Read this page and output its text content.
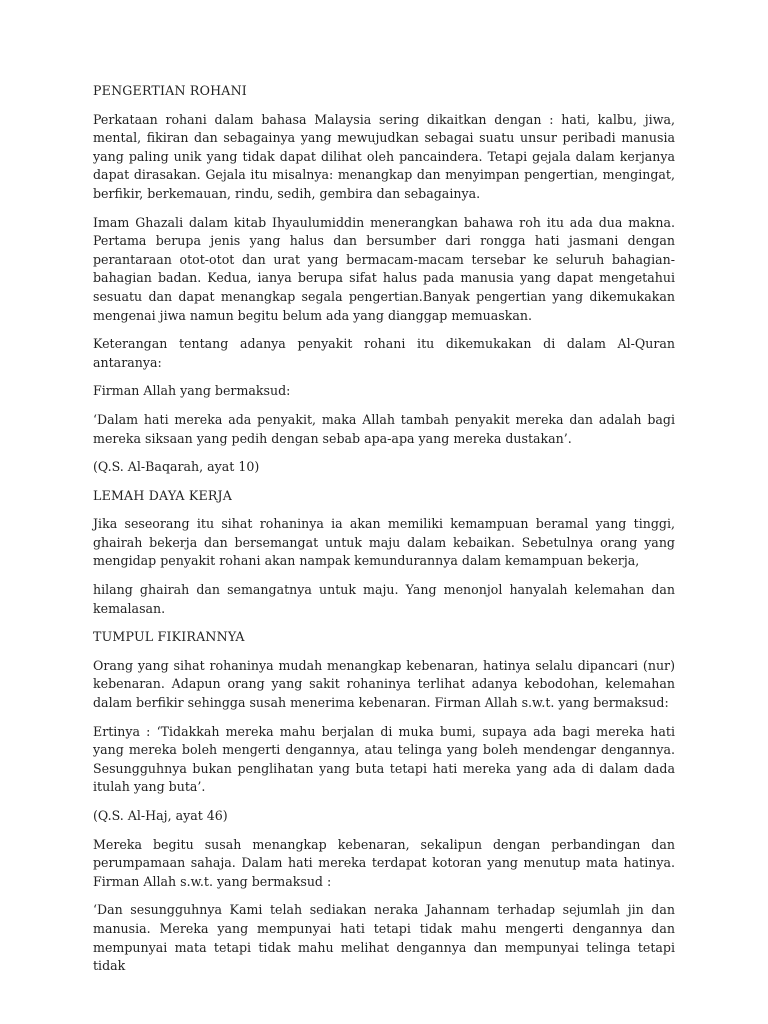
PENGERTIAN ROHANI

Perkataan rohani dalam bahasa Malaysia sering dikaitkan dengan : hati, kalbu, jiwa, mental, fikiran dan sebagainya yang mewujudkan sebagai suatu unsur peribadi manusia yang paling unik yang tidak dapat dilihat oleh pancaindera. Tetapi gejala dalam kerjanya dapat dirasakan. Gejala itu misalnya: menangkap dan menyimpan pengertian, mengingat, berfikir, berkemauan, rindu, sedih, gembira dan sebagainya.

Imam Ghazali dalam kitab Ihyaulumiddin menerangkan bahawa roh itu ada dua makna. Pertama berupa jenis yang halus dan bersumber dari rongga hati jasmani dengan perantaraan otot-otot dan urat yang bermacam-macam tersebar ke seluruh bahagian-bahagian badan. Kedua, ianya berupa sifat halus pada manusia yang dapat mengetahui sesuatu dan dapat menangkap segala pengertian.Banyak pengertian yang dikemukakan mengenai jiwa namun begitu belum ada yang dianggap memuaskan.

Keterangan tentang adanya penyakit rohani itu dikemukakan di dalam Al-Quran antaranya:

Firman Allah yang bermaksud:

‘Dalam hati mereka ada penyakit, maka Allah tambah penyakit mereka dan adalah bagi mereka siksaan yang pedih dengan sebab apa-apa yang mereka dustakan’.

(Q.S. Al-Baqarah, ayat 10)

LEMAH DAYA KERJA

Jika seseorang itu sihat rohaninya ia akan memiliki kemampuan beramal yang tinggi, ghairah bekerja dan bersemangat untuk maju dalam kebaikan. Sebetulnya orang yang mengidap penyakit rohani akan nampak kemundurannya dalam kemampuan bekerja,

hilang ghairah dan semangatnya untuk maju. Yang menonjol hanyalah kelemahan dan kemalasan.

TUMPUL FIKIRANNYA

Orang yang sihat rohaninya mudah menangkap kebenaran, hatinya selalu dipancari (nur) kebenaran. Adapun orang yang sakit rohaninya terlihat adanya kebodohan, kelemahan dalam berfikir sehingga susah menerima kebenaran. Firman Allah s.w.t. yang bermaksud:

Ertinya : ‘Tidakkah mereka mahu berjalan di muka bumi, supaya ada bagi mereka hati yang mereka boleh mengerti dengannya, atau telinga yang boleh mendengar dengannya. Sesungguhnya bukan penglihatan yang buta tetapi hati mereka yang ada di dalam dada itulah yang buta’.

(Q.S. Al-Haj, ayat 46)

Mereka begitu susah menangkap kebenaran, sekalipun dengan perbandingan dan perumpamaan sahaja. Dalam hati mereka terdapat kotoran yang menutup mata hatinya. Firman Allah s.w.t. yang bermaksud :

‘Dan sesungguhnya Kami telah sediakan neraka Jahannam terhadap sejumlah jin dan manusia. Mereka yang mempunyai hati tetapi tidak mahu mengerti dengannya dan mempunyai mata tetapi tidak mahu melihat dengannya dan mempunyai telinga tetapi tidak
